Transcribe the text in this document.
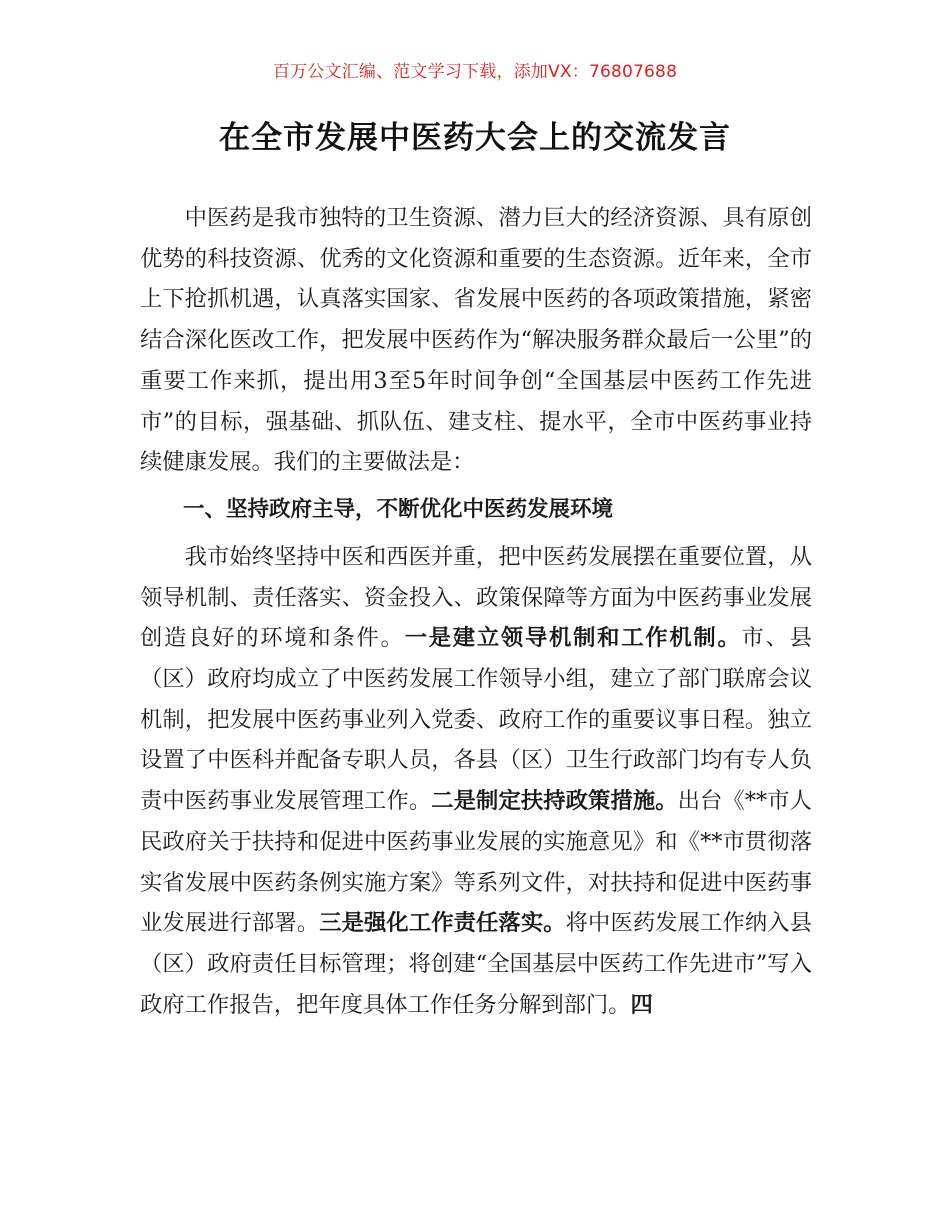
百万公文汇编、范文学习下载，添加VX：76807688
在全市发展中医药大会上的交流发言

中医药是我市独特的卫生资源、潜力巨大的经济资源、具有原创优势的科技资源、优秀的文化资源和重要的生态资源。近年来，全市上下抢抓机遇，认真落实国家、省发展中医药的各项政策措施，紧密结合深化医改工作，把发展中医药作为“解决服务群众最后一公里”的重要工作来抓，提出用3至5年时间争创“全国基层中医药工作先进市”的目标，强基础、抓队伍、建支柱、提水平，全市中医药事业持续健康发展。我们的主要做法是：

一、坚持政府主导，不断优化中医药发展环境

我市始终坚持中医和西医并重，把中医药发展摆在重要位置，从领导机制、责任落实、资金投入、政策保障等方面为中医药事业发展创造良好的环境和条件。一是建立领导机制和工作机制。市、县（区）政府均成立了中医药发展工作领导小组，建立了部门联席会议机制，把发展中医药事业列入党委、政府工作的重要议事日程。独立设置了中医科并配备专职人员，各县（区）卫生行政部门均有专人负责中医药事业发展管理工作。二是制定扶持政策措施。出台《**市人民政府关于扶持和促进中医药事业发展的实施意见》和《**市贯彻落实省发展中医药条例实施方案》等系列文件，对扶持和促进中医药事业发展进行部署。三是强化工作责任落实。将中医药发展工作纳入县（区）政府责任目标管理；将创建“全国基层中医药工作先进市”写入政府工作报告，把年度具体工作任务分解到部门。四
